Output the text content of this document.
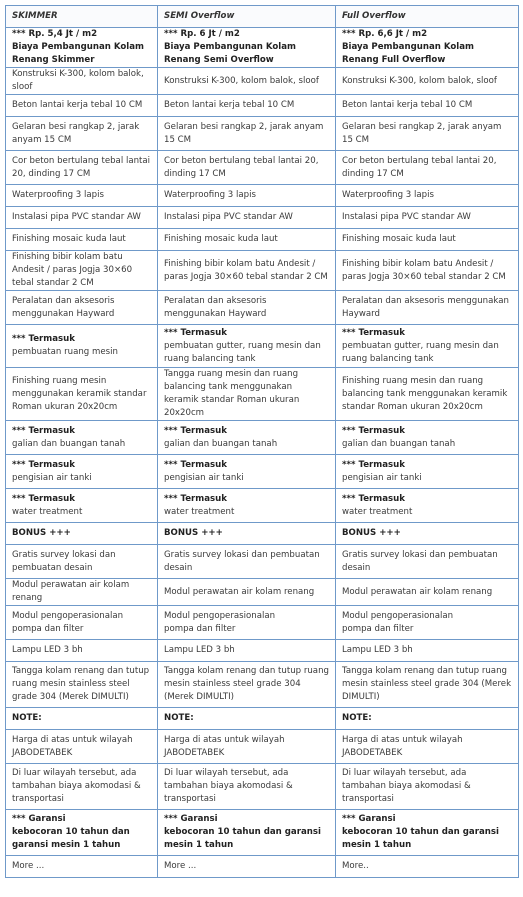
SKIMMER	SEMI Overflow	Full Overflow

*** Rp. 5,4 Jt / m2
Biaya Pembangunan Kolam Renang Skimmer	*** Rp. 6 Jt / m2
Biaya Pembangunan Kolam Renang Semi Overflow	*** Rp. 6,6 Jt / m2
Biaya Pembangunan Kolam Renang Full Overflow

Konstruksi K-300, kolom balok, sloof	Konstruksi K-300, kolom balok, sloof	Konstruksi K-300, kolom balok, sloof

Beton lantai kerja tebal 10 CM	Beton lantai kerja tebal 10 CM	Beton lantai kerja tebal 10 CM

Gelaran besi rangkap 2, jarak anyam 15 CM	Gelaran besi rangkap 2, jarak anyam 15 CM	Gelaran besi rangkap 2, jarak anyam 15 CM

Cor beton bertulang tebal lantai 20, dinding 17 CM	Cor beton bertulang tebal lantai 20, dinding 17 CM	Cor beton bertulang tebal lantai 20, dinding 17 CM

Waterproofing 3 lapis	Waterproofing 3 lapis	Waterproofing 3 lapis

Instalasi pipa PVC standar AW	Instalasi pipa PVC standar AW	Instalasi pipa PVC standar AW

Finishing mosaic kuda laut	Finishing mosaic kuda laut	Finishing mosaic kuda laut

Finishing bibir kolam batu Andesit / paras Jogja 30×60 tebal standar 2 CM	Finishing bibir kolam batu Andesit / paras Jogja 30×60 tebal standar 2 CM	Finishing bibir kolam batu Andesit / paras Jogja 30×60 tebal standar 2 CM

Peralatan dan aksesoris menggunakan Hayward	Peralatan dan aksesoris menggunakan Hayward	Peralatan dan aksesoris menggunakan Hayward

*** Termasuk
pembuatan ruang mesin	*** Termasuk
pembuatan gutter, ruang mesin dan ruang balancing tank	*** Termasuk
pembuatan gutter, ruang mesin dan ruang balancing tank

Finishing ruang mesin menggunakan keramik standar Roman ukuran 20x20cm	Tangga ruang mesin dan ruang balancing tank menggunakan keramik standar Roman ukuran 20x20cm	Finishing ruang mesin dan ruang balancing tank menggunakan keramik standar Roman ukuran 20x20cm

*** Termasuk
galian dan buangan tanah	*** Termasuk
galian dan buangan tanah	*** Termasuk
galian dan buangan tanah

*** Termasuk
pengisian air tanki	*** Termasuk
pengisian air tanki	*** Termasuk
pengisian air tanki

*** Termasuk
water treatment	*** Termasuk
water treatment	*** Termasuk
water treatment

BONUS +++	BONUS +++	BONUS +++

Gratis survey lokasi dan pembuatan desain	Gratis survey lokasi dan pembuatan desain	Gratis survey lokasi dan pembuatan desain

Modul perawatan air kolam renang	Modul perawatan air kolam renang	Modul perawatan air kolam renang

Modul pengoperasionalan
pompa dan filter	Modul pengoperasionalan
pompa dan filter	Modul pengoperasionalan
pompa dan filter

Lampu LED 3 bh	Lampu LED 3 bh	Lampu LED 3 bh

Tangga kolam renang dan tutup ruang mesin stainless steel grade 304 (Merek DIMULTI)	Tangga kolam renang dan tutup ruang mesin stainless steel grade 304 (Merek DIMULTI)	Tangga kolam renang dan tutup ruang mesin stainless steel grade 304 (Merek DIMULTI)

NOTE:	NOTE:	NOTE:

Harga di atas untuk wilayah JABODETABEK	Harga di atas untuk wilayah JABODETABEK	Harga di atas untuk wilayah JABODETABEK

Di luar wilayah tersebut, ada tambahan biaya akomodasi & transportasi	Di luar wilayah tersebut, ada tambahan biaya akomodasi & transportasi	Di luar wilayah tersebut, ada tambahan biaya akomodasi & transportasi

*** Garansi
kebocoran 10 tahun dan garansi mesin 1 tahun	*** Garansi
kebocoran 10 tahun dan garansi mesin 1 tahun	*** Garansi
kebocoran 10 tahun dan garansi mesin 1 tahun

More ...	More ...	More..
